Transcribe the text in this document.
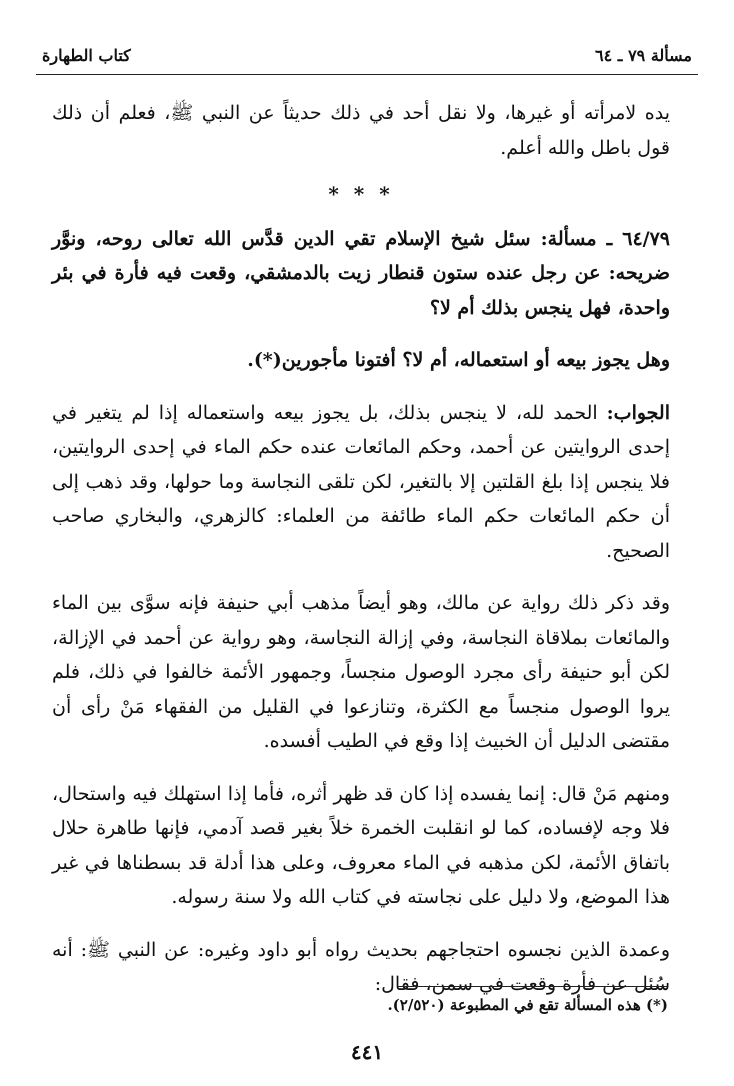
مسألة ٧٩ ـ ٦٤
كتاب الطهارة

يده لامرأته أو غيرها، ولا نقل أحد في ذلك حديثاً عن النبي ﷺ، فعلم أن ذلك قول باطل والله أعلم.

* * *

٦٤/٧٩ ـ مسألة: سئل شيخ الإسلام تقي الدين قدَّس الله تعالى روحه، ونوَّر ضريحه: عن رجل عنده ستون قنطار زيت بالدمشقي، وقعت فيه فأرة في بئر واحدة، فهل ينجس بذلك أم لا؟

وهل يجوز بيعه أو استعماله، أم لا؟ أفتونا مأجورين(*).

الجواب: الحمد لله، لا ينجس بذلك، بل يجوز بيعه واستعماله إذا لم يتغير في إحدى الروايتين عن أحمد، وحكم المائعات عنده حكم الماء في إحدى الروايتين، فلا ينجس إذا بلغ القلتين إلا بالتغير، لكن تلقى النجاسة وما حولها، وقد ذهب إلى أن حكم المائعات حكم الماء طائفة من العلماء: كالزهري، والبخاري صاحب الصحيح.

وقد ذكر ذلك رواية عن مالك، وهو أيضاً مذهب أبي حنيفة فإنه سوَّى بين الماء والمائعات بملاقاة النجاسة، وفي إزالة النجاسة، وهو رواية عن أحمد في الإزالة، لكن أبو حنيفة رأى مجرد الوصول منجساً، وجمهور الأئمة خالفوا في ذلك، فلم يروا الوصول منجساً مع الكثرة، وتنازعوا في القليل من الفقهاء مَنْ رأى أن مقتضى الدليل أن الخبيث إذا وقع في الطيب أفسده.

ومنهم مَنْ قال: إنما يفسده إذا كان قد ظهر أثره، فأما إذا استهلك فيه واستحال، فلا وجه لإفساده، كما لو انقلبت الخمرة خلاً بغير قصد آدمي، فإنها طاهرة حلال باتفاق الأئمة، لكن مذهبه في الماء معروف، وعلى هذا أدلة قد بسطناها في غير هذا الموضع، ولا دليل على نجاسته في كتاب الله ولا سنة رسوله.

وعمدة الذين نجسوه احتجاجهم بحديث رواه أبو داود وغيره: عن النبي ﷺ: أنه سُئل عن فأرة وقعت في سمن، فقال:

(*) هذه المسألة تقع في المطبوعة (٢/٥٢٠).
٤٤١
